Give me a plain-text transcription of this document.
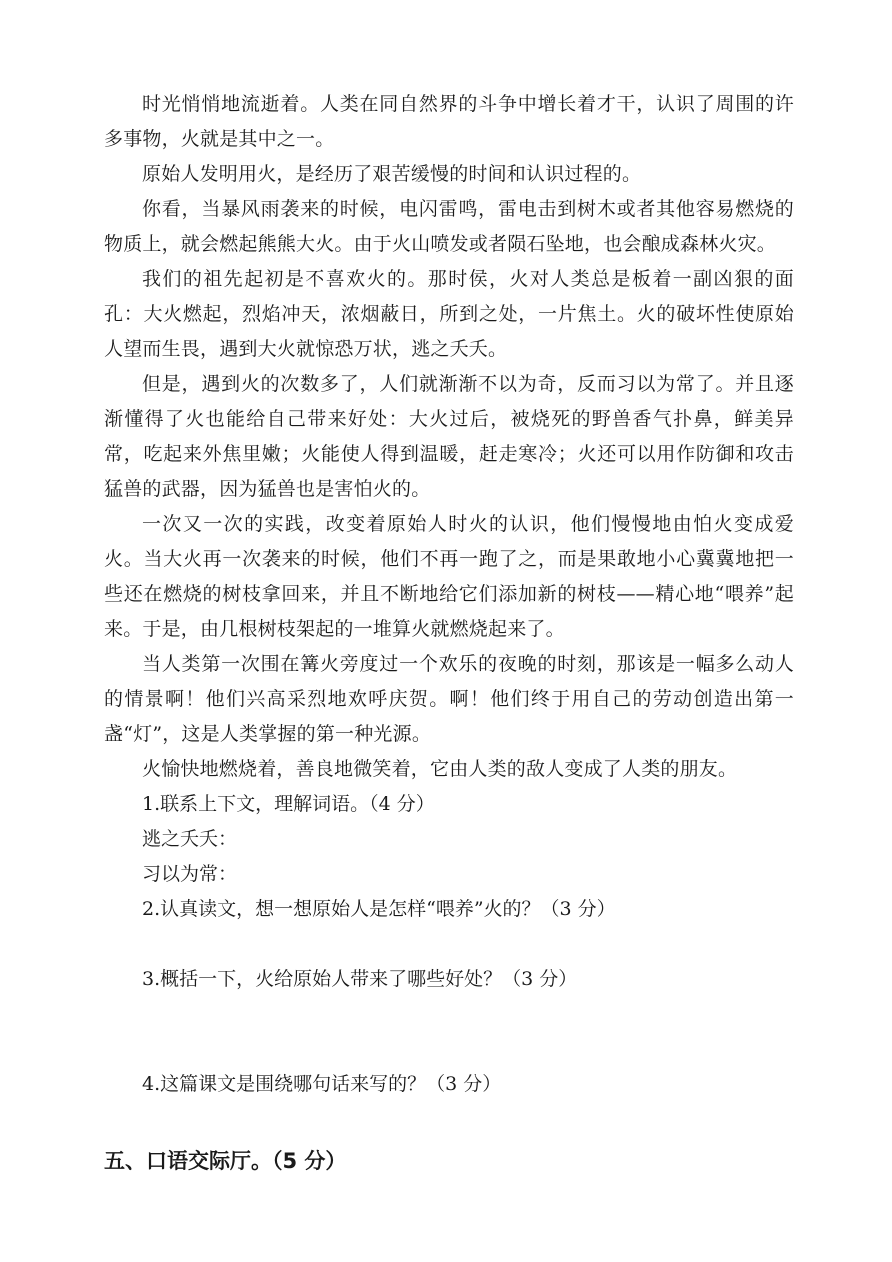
时光悄悄地流逝着。人类在同自然界的斗争中增长着才干，认识了周围的许多事物，火就是其中之一。

原始人发明用火，是经历了艰苦缓慢的时间和认识过程的。

你看，当暴风雨袭来的时候，电闪雷鸣，雷电击到树木或者其他容易燃烧的物质上，就会燃起熊熊大火。由于火山喷发或者陨石坠地，也会酿成森林火灾。

我们的祖先起初是不喜欢火的。那时侯，火对人类总是板着一副凶狠的面孔：大火燃起，烈焰冲天，浓烟蔽日，所到之处，一片焦土。火的破坏性使原始人望而生畏，遇到大火就惊恐万状，逃之夭夭。

但是，遇到火的次数多了，人们就渐渐不以为奇，反而习以为常了。并且逐渐懂得了火也能给自己带来好处：大火过后，被烧死的野兽香气扑鼻，鲜美异常，吃起来外焦里嫩；火能使人得到温暖，赶走寒冷；火还可以用作防御和攻击猛兽的武器，因为猛兽也是害怕火的。

一次又一次的实践，改变着原始人时火的认识，他们慢慢地由怕火变成爱火。当大火再一次袭来的时候，他们不再一跑了之，而是果敢地小心冀冀地把一些还在燃烧的树枝拿回来，并且不断地给它们添加新的树枝——精心地“喂养”起来。于是，由几根树枝架起的一堆算火就燃烧起来了。

当人类第一次围在篝火旁度过一个欢乐的夜晚的时刻，那该是一幅多么动人的情景啊！他们兴高采烈地欢呼庆贺。啊！他们终于用自己的劳动创造出第一盏“灯”，这是人类掌握的第一种光源。

火愉快地燃烧着，善良地微笑着，它由人类的敌人变成了人类的朋友。

1.联系上下文，理解词语。（4 分）

逃之夭夭：

习以为常：

2.认真读文，想一想原始人是怎样“喂养”火的？（3 分）

3.概括一下，火给原始人带来了哪些好处？（3 分）

4.这篇课文是围绕哪句话来写的？（3 分）

五、口语交际厅。（5 分）
